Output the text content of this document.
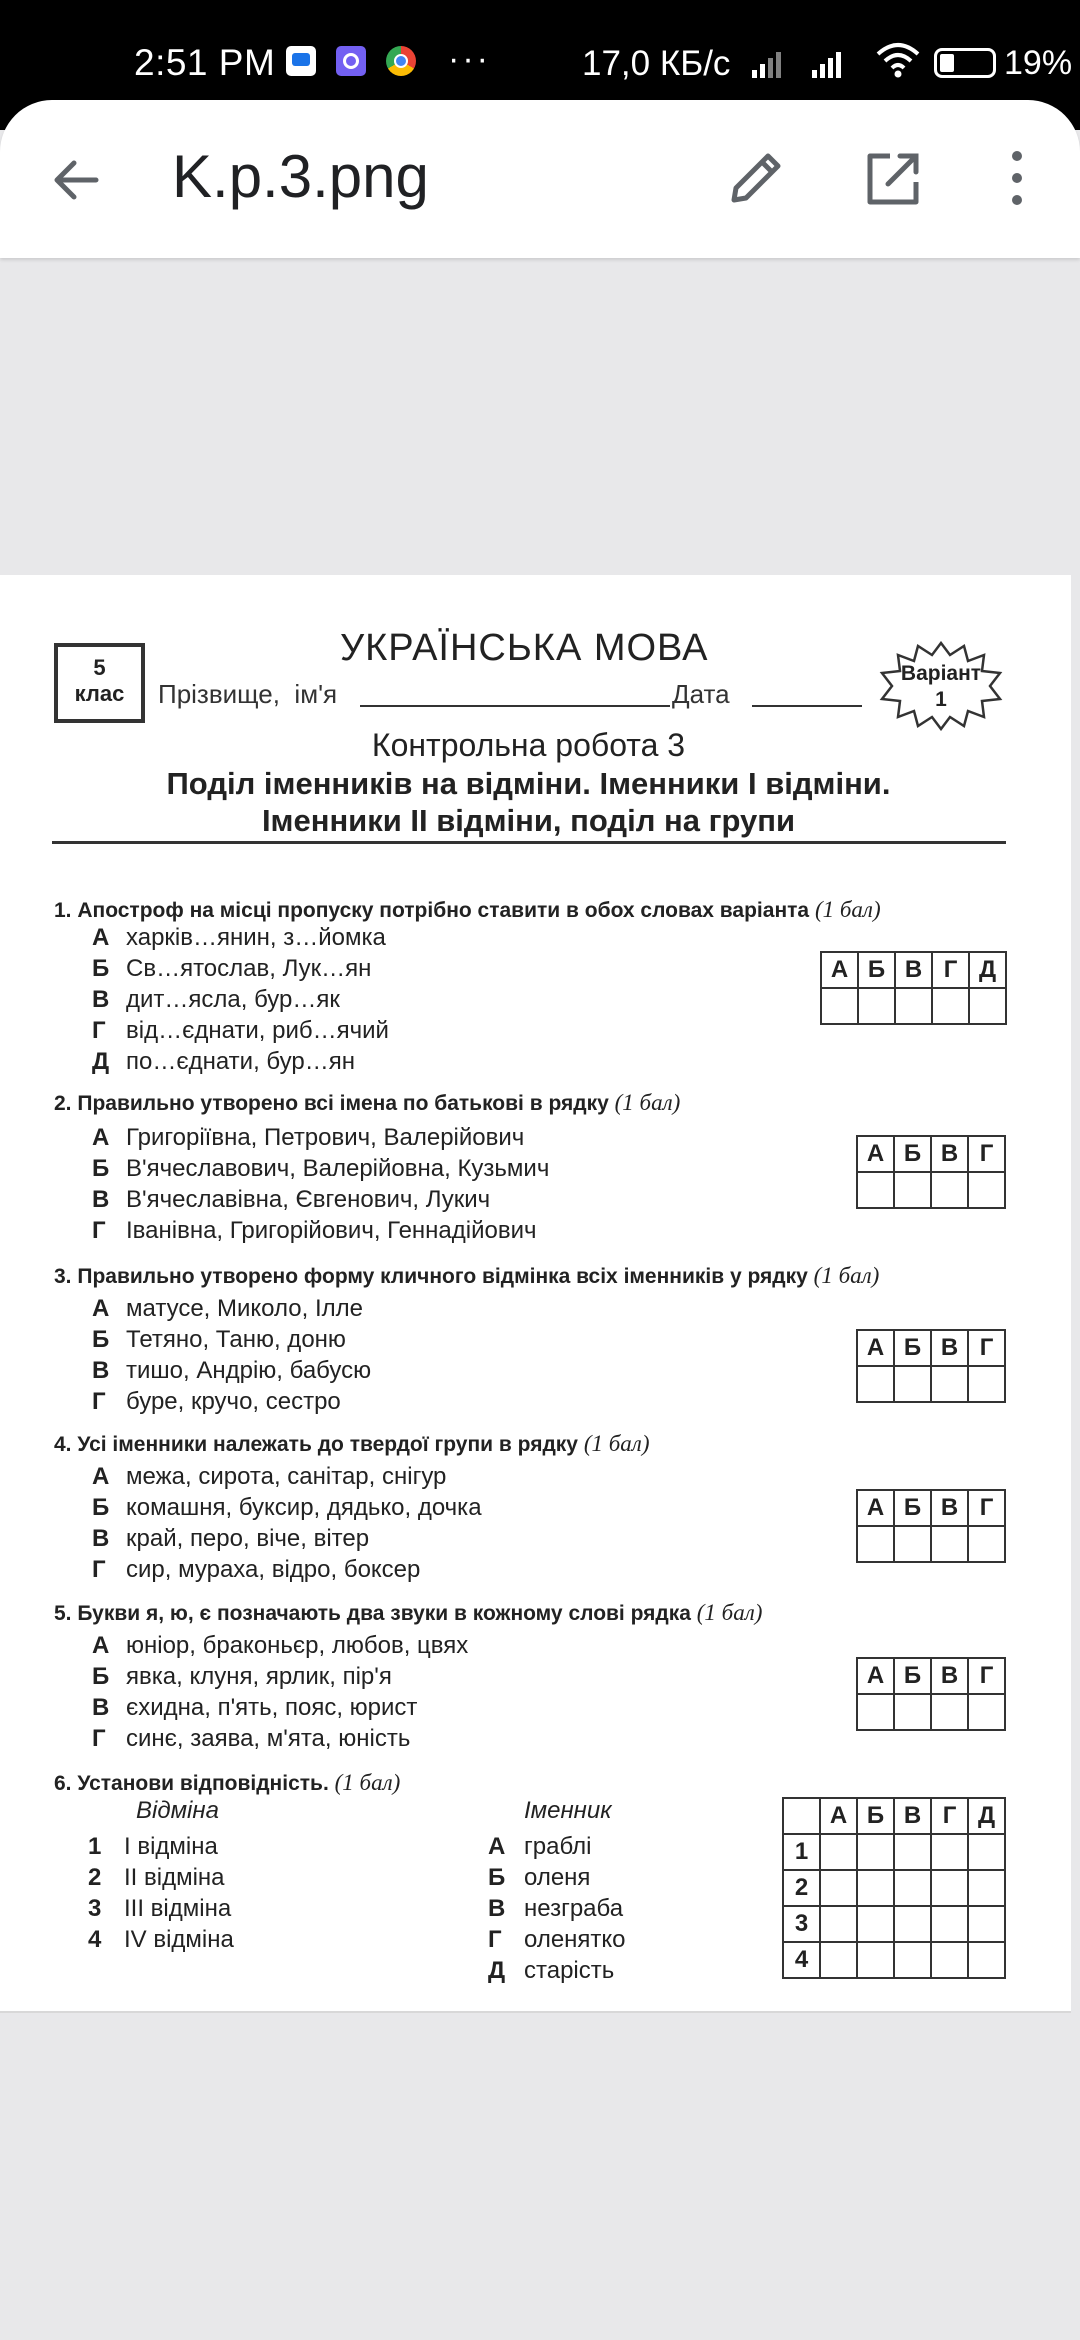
2:51 PM	···	17,0 КБ/с	19%
K.p.3.png
5
клас
УКРАЇНСЬКА МОВА
Прізвище,  ім'я	Дата
Варіант
1
Контрольна робота 3
Поділ іменників на відміни. Іменники I відміни.
Іменники II відміни, поділ на групи
1. Апостроф на місці пропуску потрібно ставити в обох словах варіанта (1 бал)
А харків…янин, з…йомка
Б Св…ятослав, Лук…ян
В дит…ясла, бур…як
Г від…єднати, риб…ячий
Д по…єднати, бур…ян
А	Б	В	Г	Д

2. Правильно утворено всі імена по батькові в рядку (1 бал)
А Григоріївна, Петрович, Валерійович
Б В'ячеславович, Валерійовна, Кузьмич
В В'ячеславівна, Євгенович, Лукич
Г Іванівна, Григорійович, Геннадійович
А	Б	В	Г

3. Правильно утворено форму кличного відмінка всіх іменників у рядку (1 бал)
А матусе, Миколо, Ілле
Б Тетяно, Таню, доню
В тишо, Андрію, бабусю
Г буре, кручо, сестро
А	Б	В	Г

4. Усі іменники належать до твердої групи в рядку (1 бал)
А межа, сирота, санітар, снігур
Б комашня, буксир, дядько, дочка
В край, перо, віче, вітер
Г сир, мураха, відро, боксер
А	Б	В	Г

5. Букви я, ю, є позначають два звуки в кожному слові рядка (1 бал)
А юніор, браконьєр, любов, цвях
Б явка, клуня, ярлик, пір'я
В єхидна, п'ять, пояс, юрист
Г синє, заява, м'ята, юність
А	Б	В	Г

6. Установи відповідність. (1 бал)
Відміна	Іменник
1 I відміна
2 II відміна
3 III відміна
4 IV відміна
А граблі
Б оленя
В незграба
Г оленятко
Д старість
	А	Б	В	Г	Д
1					
2					
3					
4					
